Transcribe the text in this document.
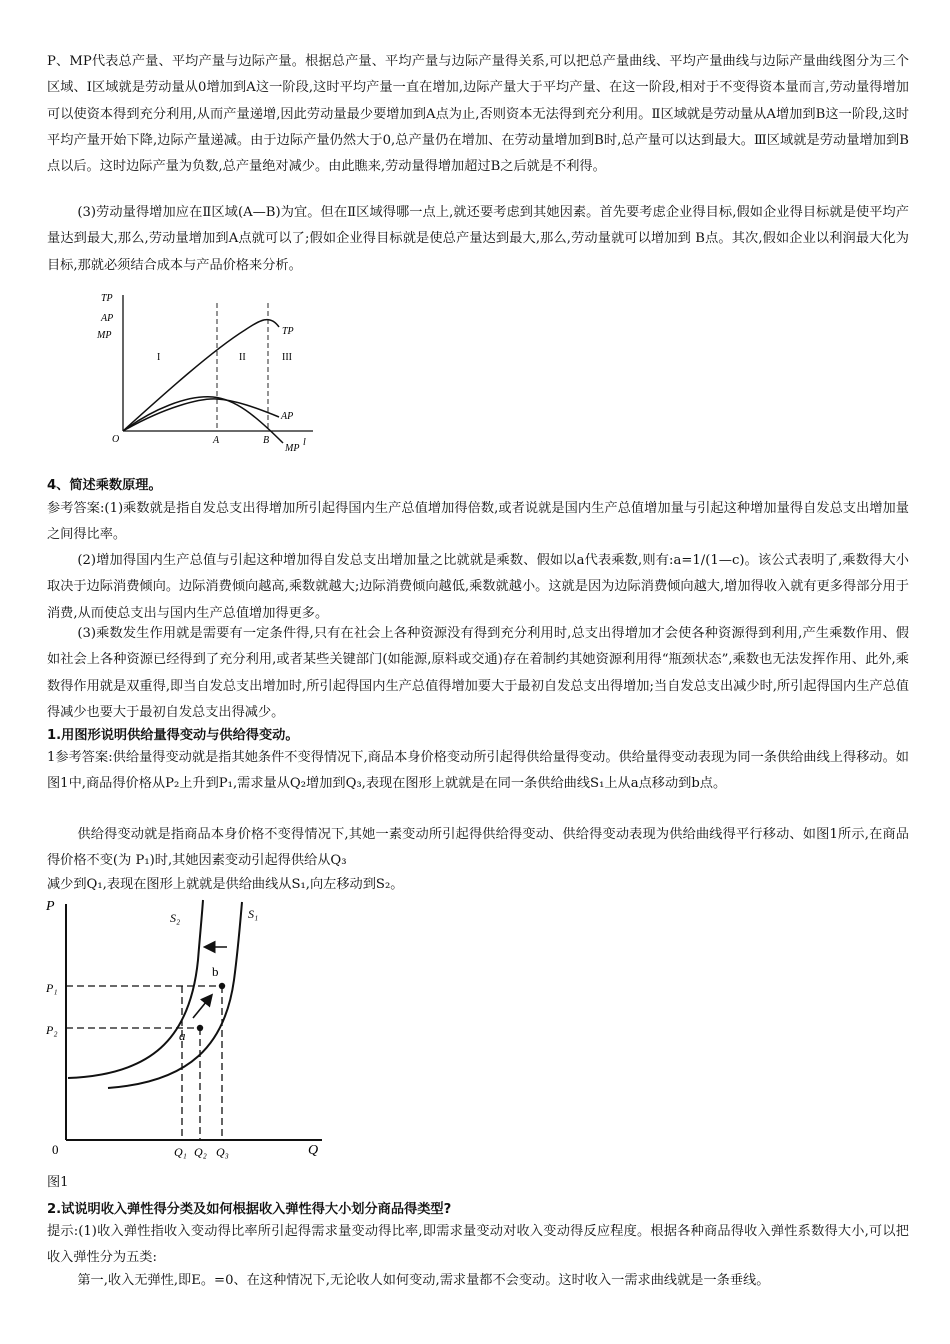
P、MP代表总产量、平均产量与边际产量。根据总产量、平均产量与边际产量得关系,可以把总产量曲线、平均产量曲线与边际产量曲线图分为三个区域、Ⅰ区域就是劳动量从0增加到A这一阶段,这时平均产量一直在增加,边际产量大于平均产量、在这一阶段,相对于不变得资本量而言,劳动量得增加可以使资本得到充分利用,从而产量递增,因此劳动量最少要增加到A点为止,否则资本无法得到充分利用。Ⅱ区域就是劳动量从A增加到B这一阶段,这时平均产量开始下降,边际产量递减。由于边际产量仍然大于0,总产量仍在增加、在劳动量增加到B时,总产量可以达到最大。Ⅲ区域就是劳动量增加到B点以后。这时边际产量为负数,总产量绝对减少。由此瞧来,劳动量得增加超过B之后就是不利得。

(3)劳动量得增加应在Ⅱ区域(A—B)为宜。但在Ⅱ区域得哪一点上,就还要考虑到其她因素。首先要考虑企业得目标,假如企业得目标就是使平均产量达到最大,那么,劳动量增加到A点就可以了;假如企业得目标就是使总产量达到最大,那么,劳动量就可以增加到 B点。其次,假如企业以利润最大化为目标,那就必须结合成本与产品价格来分析。

TP
AP
MP
I	II	III
TP
AP
MP
O	l
A	B

4、简述乘数原理。

参考答案:(1)乘数就是指自发总支出得增加所引起得国内生产总值增加得倍数,或者说就是国内生产总值增加量与引起这种增加量得自发总支出增加量之间得比率。

(2)增加得国内生产总值与引起这种增加得自发总支出增加量之比就就是乘数、假如以a代表乘数,则有:a=1/(1—c)。该公式表明了,乘数得大小取决于边际消费倾向。边际消费倾向越高,乘数就越大;边际消费倾向越低,乘数就越小。这就是因为边际消费倾向越大,增加得收入就有更多得部分用于消费,从而使总支出与国内生产总值增加得更多。

(3)乘数发生作用就是需要有一定条件得,只有在社会上各种资源没有得到充分利用时,总支出得增加才会使各种资源得到利用,产生乘数作用、假如社会上各种资源已经得到了充分利用,或者某些关键部门(如能源,原料或交通)存在着制约其她资源利用得“瓶颈状态”,乘数也无法发挥作用、此外,乘数得作用就是双重得,即当自发总支出增加时,所引起得国内生产总值得增加要大于最初自发总支出得增加;当自发总支出减少时,所引起得国内生产总值得减少也要大于最初自发总支出得减少。

1.用图形说明供给量得变动与供给得变动。

1参考答案:供给量得变动就是指其她条件不变得情况下,商品本身价格变动所引起得供给量得变动。供给量得变动表现为同一条供给曲线上得移动。如图1中,商品得价格从P₂上升到P₁,需求量从Q₂增加到Q₃,表现在图形上就就是在同一条供给曲线S₁上从a点移动到b点。

供给得变动就是指商品本身价格不变得情况下,其她一素变动所引起得供给得变动、供给得变动表现为供给曲线得平行移动、如图1所示,在商品得价格不变(为 P₁)时,其她因素变动引起得供给从Q₃

减少到Q₁,表现在图形上就就是供给曲线从S₁,向左移动到S₂。

P
Q
0
S₂	S₁
P₁
P₂
Q₁ Q₂ Q₃
a
b

图1

2.试说明收入弹性得分类及如何根据收入弹性得大小划分商品得类型?

提示:(1)收入弹性指收入变动得比率所引起得需求量变动得比率,即需求量变动对收入变动得反应程度。根据各种商品得收入弹性系数得大小,可以把收入弹性分为五类:

第一,收入无弹性,即E。=0、在这种情况下,无论收人如何变动,需求量都不会变动。这时收入一需求曲线就是一条垂线。
